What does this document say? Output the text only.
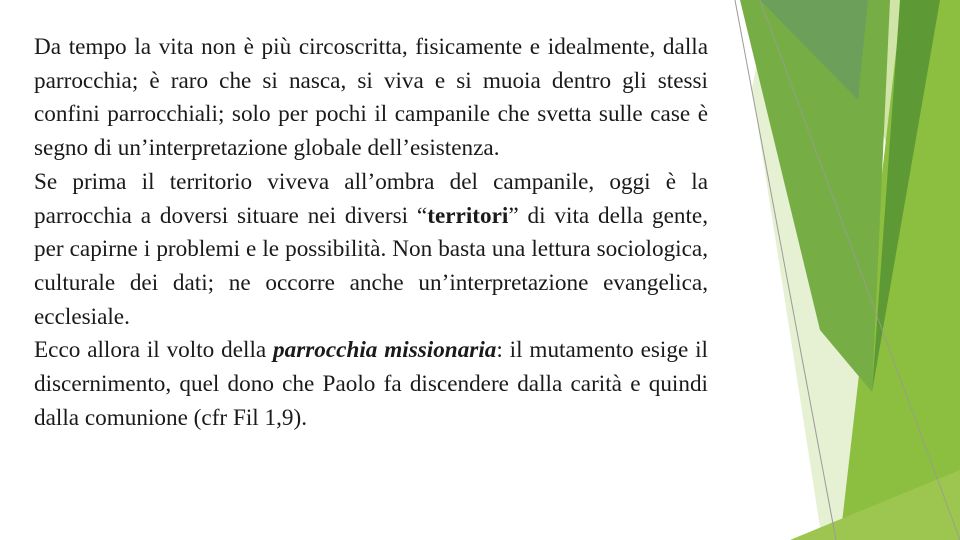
Da tempo la vita non è più circoscritta, fisicamente e idealmente, dalla parrocchia; è raro che si nasca, si viva e si muoia dentro gli stessi confini parrocchiali; solo per pochi il campanile che svetta sulle case è segno di un’interpretazione globale dell’esistenza.

Se prima il territorio viveva all’ombra del campanile, oggi è la parrocchia a doversi situare nei diversi “territori” di vita della gente, per capirne i problemi e le possibilità. Non basta una lettura sociologica, culturale dei dati; ne occorre anche un’interpretazione evangelica, ecclesiale.

Ecco allora il volto della parrocchia missionaria: il mutamento esige il discernimento, quel dono che Paolo fa discendere dalla carità e quindi dalla comunione (cfr Fil 1,9).
